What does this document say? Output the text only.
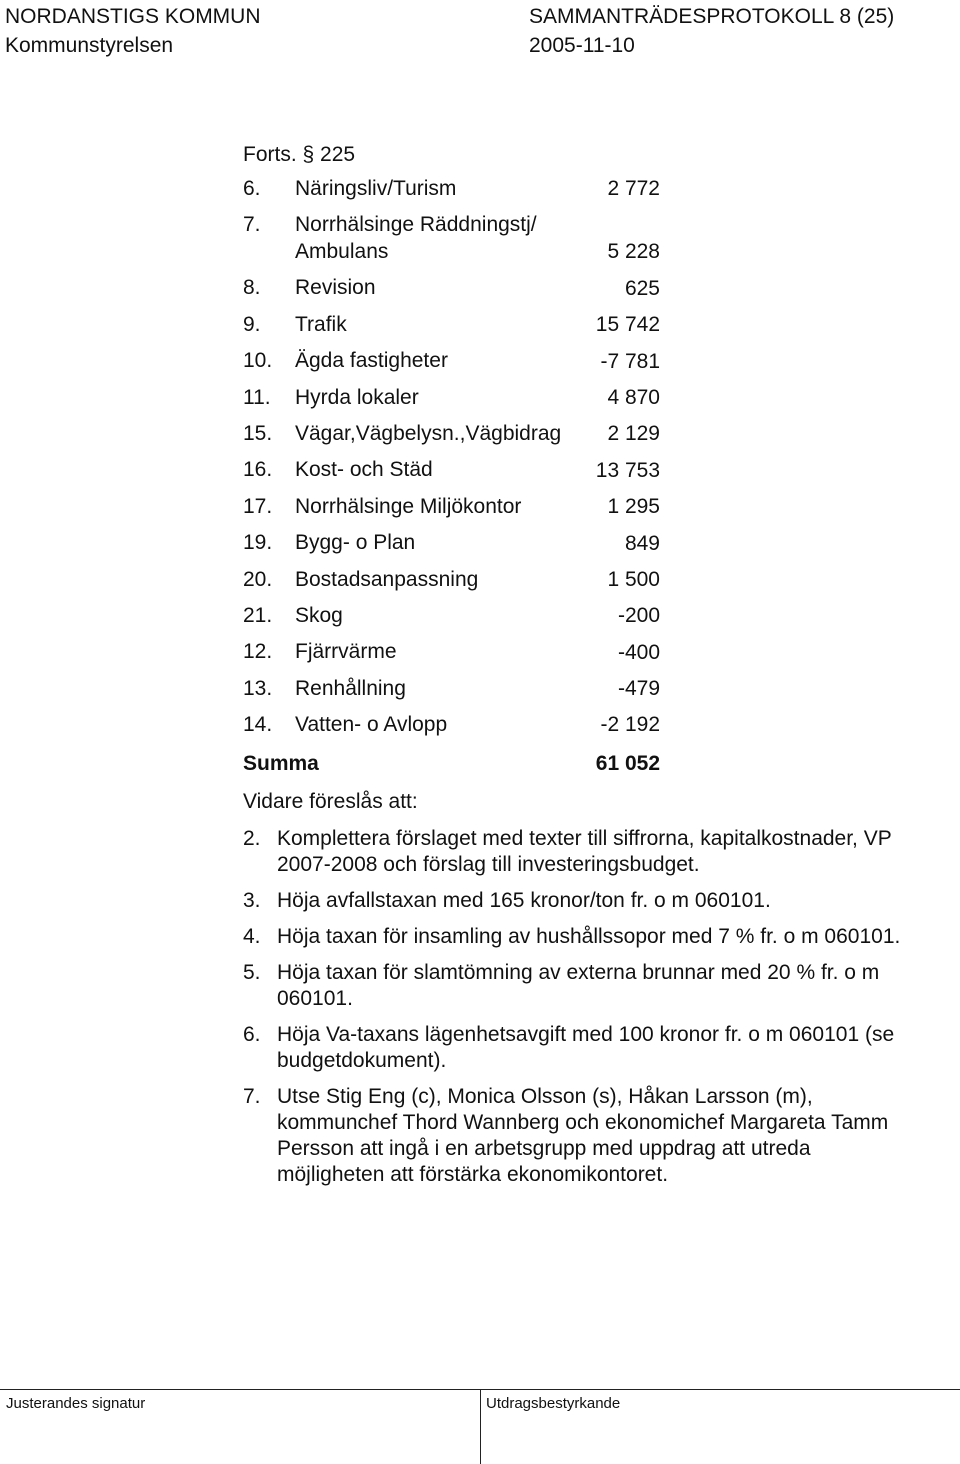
NORDANSTIGS KOMMUN
Kommunstyrelsen
SAMMANTRÄDESPROTOKOLL 8 (25)
2005-11-10
Forts. § 225
6. Näringsliv/Turism	2 772
7. Norrhälsinge Räddningstj/
Ambulans	5 228
8. Revision	625
9. Trafik	15 742
10. Ägda fastigheter	-7 781
11. Hyrda lokaler	4 870
15. Vägar,Vägbelysn.,Vägbidrag 2 129
16. Kost- och Städ	13 753
17. Norrhälsinge Miljökontor	1 295
19. Bygg- o Plan	849
20. Bostadsanpassning	1 500
21. Skog	-200
12. Fjärrvärme	-400
13. Renhållning	-479
14. Vatten- o Avlopp	-2 192
Summa	61 052
Vidare föreslås att:
2. Komplettera förslaget med texter till siffrorna, kapitalkostnader, VP
2007-2008 och förslag till investeringsbudget.
3. Höja avfallstaxan med 165 kronor/ton fr. o m 060101.
4. Höja taxan för insamling av hushållssopor med 7 % fr. o m 060101.
5. Höja taxan för slamtömning av externa brunnar med 20 % fr. o m
060101.
6. Höja Va-taxans lägenhetsavgift med 100 kronor fr. o m 060101 (se
budgetdokument).
7. Utse Stig Eng (c), Monica Olsson (s), Håkan Larsson (m),
kommunchef Thord Wannberg och ekonomichef Margareta Tamm
Persson att ingå i en arbetsgrupp med uppdrag att utreda
möjligheten att förstärka ekonomikontoret.
Justerandes signatur	Utdragsbestyrkande
